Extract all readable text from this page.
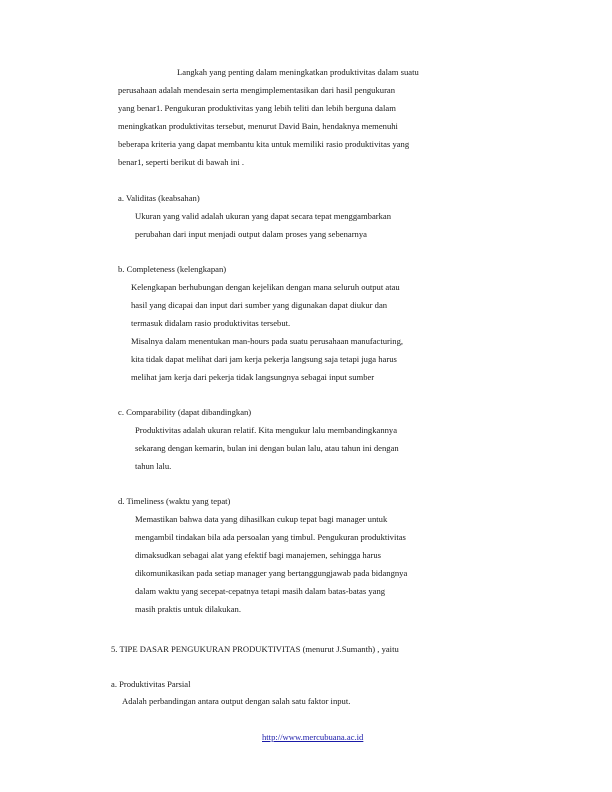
Langkah yang penting dalam meningkatkan produktivitas dalam suatu
perusahaan adalah mendesain serta mengimplementasikan dari hasil pengukuran
yang benar1. Pengukuran produktivitas yang lebih teliti dan lebih berguna dalam
meningkatkan produktivitas tersebut, menurut David Bain, hendaknya memenuhi
beberapa kriteria yang dapat membantu kita untuk memiliki rasio produktivitas yang
benar1, seperti berikut di bawah ini .
a. Validitas (keabsahan)
Ukuran yang valid adalah ukuran yang dapat secara tepat menggambarkan
perubahan dari input menjadi output dalam proses yang sebenarnya
b. Completeness (kelengkapan)
Kelengkapan berhubungan dengan kejelikan dengan mana seluruh output atau
hasil yang dicapai dan input dari sumber yang digunakan dapat diukur dan
termasuk didalam rasio produktivitas tersebut.
Misalnya dalam menentukan man-hours pada suatu perusahaan manufacturing,
kita tidak dapat melihat dari jam kerja pekerja langsung saja tetapi juga harus
melihat jam kerja dari pekerja tidak langsungnya sebagai input sumber
c. Comparability (dapat dibandingkan)
Produktivitas adalah ukuran relatif. Kita mengukur lalu membandingkannya
sekarang dengan kemarin, bulan ini dengan bulan lalu, atau tahun ini dengan
tahun lalu.
d. Timeliness (waktu yang tepat)
Memastikan bahwa data yang dihasilkan cukup tepat bagi manager untuk
mengambil tindakan bila ada persoalan yang timbul. Pengukuran produktivitas
dimaksudkan sebagai alat yang efektif bagi manajemen, sehingga harus
dikomunikasikan pada setiap manager yang bertanggungjawab pada bidangnya
dalam waktu yang secepat-cepatnya tetapi masih dalam batas-batas yang
masih praktis untuk dilakukan.
5. TIPE DASAR PENGUKURAN PRODUKTIVITAS (menurut J.Sumanth) , yaitu
a. Produktivitas Parsial
Adalah perbandingan antara output dengan salah satu faktor input.
http://www.mercubuana.ac.id
